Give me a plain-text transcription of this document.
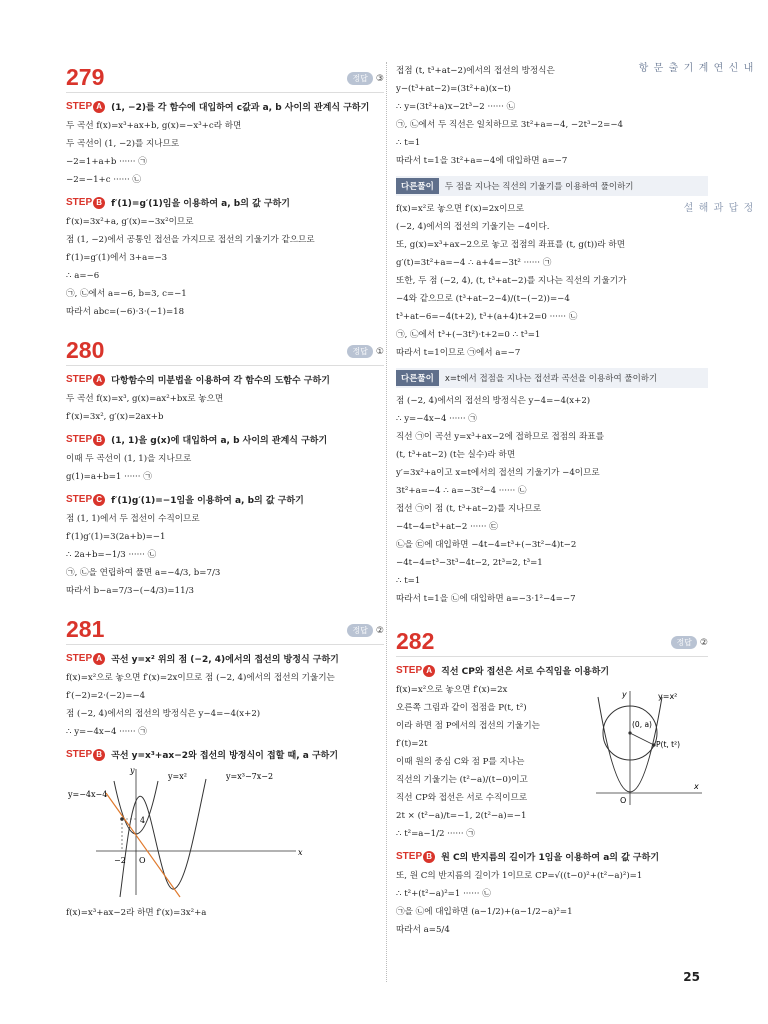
내신연계 기출문항
정답과 해설
279	정답 ③
STEP A	(1, −2)를 각 함수에 대입하여 c값과 a, b 사이의 관계식 구하기
두 곡선 f(x)=x³+ax+b, g(x)=−x³+c라 하면
두 곡선이 (1, −2)를 지나므로
−2=1+a+b ······ ㉠
−2=−1+c ······ ㉡
STEP B	f′(1)=g′(1)임을 이용하여 a, b의 값 구하기
f′(x)=3x²+a, g′(x)=−3x²이므로
점 (1, −2)에서 공통인 접선을 가지므로 접선의 기울기가 같으므로
f′(1)=g′(1)에서 3+a=−3
∴ a=−6
㉠, ㉡에서 a=−6, b=3, c=−1
따라서 abc=(−6)·3·(−1)=18
280	정답 ①
STEP A	다항함수의 미분법을 이용하여 각 함수의 도함수 구하기
두 곡선 f(x)=x³, g(x)=ax²+bx로 놓으면
f′(x)=3x², g′(x)=2ax+b
STEP B	(1, 1)을 g(x)에 대입하여 a, b 사이의 관계식 구하기
이때 두 곡선이 (1, 1)을 지나므로
g(1)=a+b=1 ······ ㉠
STEP C	f′(1)g′(1)=−1임을 이용하여 a, b의 값 구하기
점 (1, 1)에서 두 접선이 수직이므로
f′(1)g′(1)=3(2a+b)=−1
∴ 2a+b=−1/3 ······ ㉡
㉠, ㉡을 연립하여 풀면 a=−4/3, b=7/3
따라서 b−a=7/3−(−4/3)=11/3
281	정답 ②
STEP A	곡선 y=x² 위의 점 (−2, 4)에서의 접선의 방정식 구하기
f(x)=x²으로 놓으면 f′(x)=2x이므로 점 (−2, 4)에서의 접선의 기울기는
f′(−2)=2·(−2)=−4
점 (−2, 4)에서의 접선의 방정식은 y−4=−4(x+2)
∴ y=−4x−4 ······ ㉠
STEP B	곡선 y=x³+ax−2와 접선의 방정식이 접할 때, a 구하기
y=x²	y=x³−7x−2
y=−4x−4
4
−2 O
x
y
f(x)=x³+ax−2라 하면 f′(x)=3x²+a
접점 (t, t³+at−2)에서의 접선의 방정식은
y−(t³+at−2)=(3t²+a)(x−t)
∴ y=(3t²+a)x−2t³−2 ······ ㉡
㉠, ㉡에서 두 직선은 일치하므로 3t²+a=−4, −2t³−2=−4
∴ t=1
따라서 t=1을 3t²+a=−4에 대입하면 a=−7
다른풀이	두 점을 지나는 직선의 기울기를 이용하여 풀이하기
f(x)=x²로 놓으면 f′(x)=2x이므로
(−2, 4)에서의 접선의 기울기는 −4이다.
또, g(x)=x³+ax−2으로 놓고 접점의 좌표를 (t, g(t))라 하면
g′(t)=3t²+a=−4 ∴ a+4=−3t² ······ ㉠
또한, 두 점 (−2, 4), (t, t³+at−2)를 지나는 직선의 기울기가
−4와 같으므로 (t³+at−2−4)/(t−(−2))=−4
t³+at−6=−4(t+2), t³+(a+4)t+2=0 ······ ㉡
㉠, ㉡에서 t³+(−3t²)·t+2=0 ∴ t³=1
따라서 t=1이므로 ㉠에서 a=−7
다른풀이	x=t에서 접점을 지나는 접선과 곡선을 이용하여 풀이하기
점 (−2, 4)에서의 접선의 방정식은 y−4=−4(x+2)
∴ y=−4x−4 ······ ㉠
직선 ㉠이 곡선 y=x³+ax−2에 접하므로 접점의 좌표를
(t, t³+at−2) (t는 실수)라 하면
y′=3x²+a이고 x=t에서의 접선의 기울기가 −4이므로
3t²+a=−4 ∴ a=−3t²−4 ······ ㉡
접선 ㉠이 점 (t, t³+at−2)를 지나므로
−4t−4=t³+at−2 ······ ㉢
㉡을 ㉢에 대입하면 −4t−4=t³+(−3t²−4)t−2
−4t−4=t³−3t³−4t−2, 2t³=2, t³=1
∴ t=1
따라서 t=1을 ㉡에 대입하면 a=−3·1²−4=−7
282	정답 ②
STEP A	직선 CP와 접선은 서로 수직임을 이용하기
f(x)=x²으로 놓으면 f′(x)=2x
오른쪽 그림과 같이 접점을 P(t, t²)
이라 하면 점 P에서의 접선의 기울기는
f′(t)=2t
이때 원의 중심 C와 점 P를 지나는
직선의 기울기는 (t²−a)/(t−0)이고
직선 CP와 접선은 서로 수직이므로
2t × (t²−a)/t=−1, 2(t²−a)=−1
∴ t²=a−1/2 ······ ㉠
y=x²
(0, a)
P(t, t²)
O
x
y
STEP B	원 C의 반지름의 길이가 1임을 이용하여 a의 값 구하기
또, 원 C의 반지름의 길이가 1이므로 CP=√((t−0)²+(t²−a)²)=1
∴ t²+(t²−a)²=1 ······ ㉡
㉠을 ㉡에 대입하면 (a−1/2)+(a−1/2−a)²=1
따라서 a=5/4
25
